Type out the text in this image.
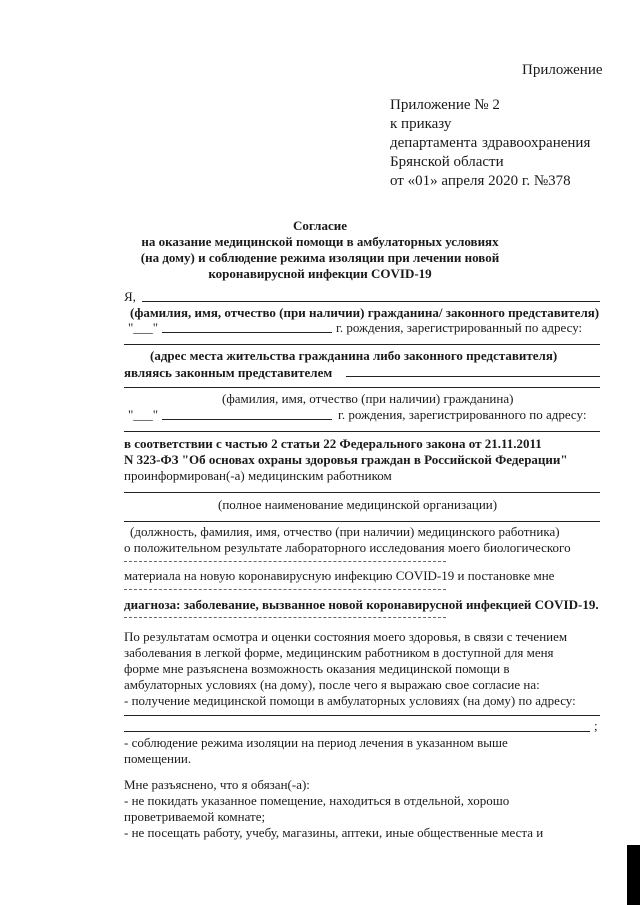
Приложение
Приложение № 2
к приказу
департамента здравоохранения
Брянской области
от «01» апреля 2020 г. №378
Согласие
на оказание медицинской помощи в амбулаторных условиях
(на дому) и соблюдение режима изоляции при лечении новой
коронавирусной инфекции COVID-19
Я,
(фамилия, имя, отчество (при наличии) гражданина/ законного представителя)
"___"	г. рождения, зарегистрированный по адресу:
(адрес места жительства гражданина либо законного представителя)
являясь законным представителем
(фамилия, имя, отчество (при наличии) гражданина)
"___"	г. рождения, зарегистрированного по адресу:
в соответствии с частью 2 статьи 22 Федерального закона от 21.11.2011
N 323-ФЗ "Об основах охраны здоровья граждан в Российской Федерации"
проинформирован(-а) медицинским работником
(полное наименование медицинской организации)
(должность, фамилия, имя, отчество (при наличии) медицинского работника)
о положительном результате лабораторного исследования моего биологического
материала на новую коронавирусную инфекцию COVID-19 и постановке мне
диагноза: заболевание, вызванное новой коронавирусной инфекцией COVID-19.
По результатам осмотра и оценки состояния моего здоровья, в связи с течением
заболевания в легкой форме, медицинским работником в доступной для меня
форме мне разъяснена возможность оказания медицинской помощи в
амбулаторных условиях (на дому), после чего я выражаю свое согласие на:
- получение медицинской помощи в амбулаторных условиях (на дому) по адресу:
;
- соблюдение режима изоляции на период лечения в указанном выше
помещении.
Мне разъяснено, что я обязан(-а):
- не покидать указанное помещение, находиться в отдельной, хорошо
проветриваемой комнате;
- не посещать работу, учебу, магазины, аптеки, иные общественные места и
